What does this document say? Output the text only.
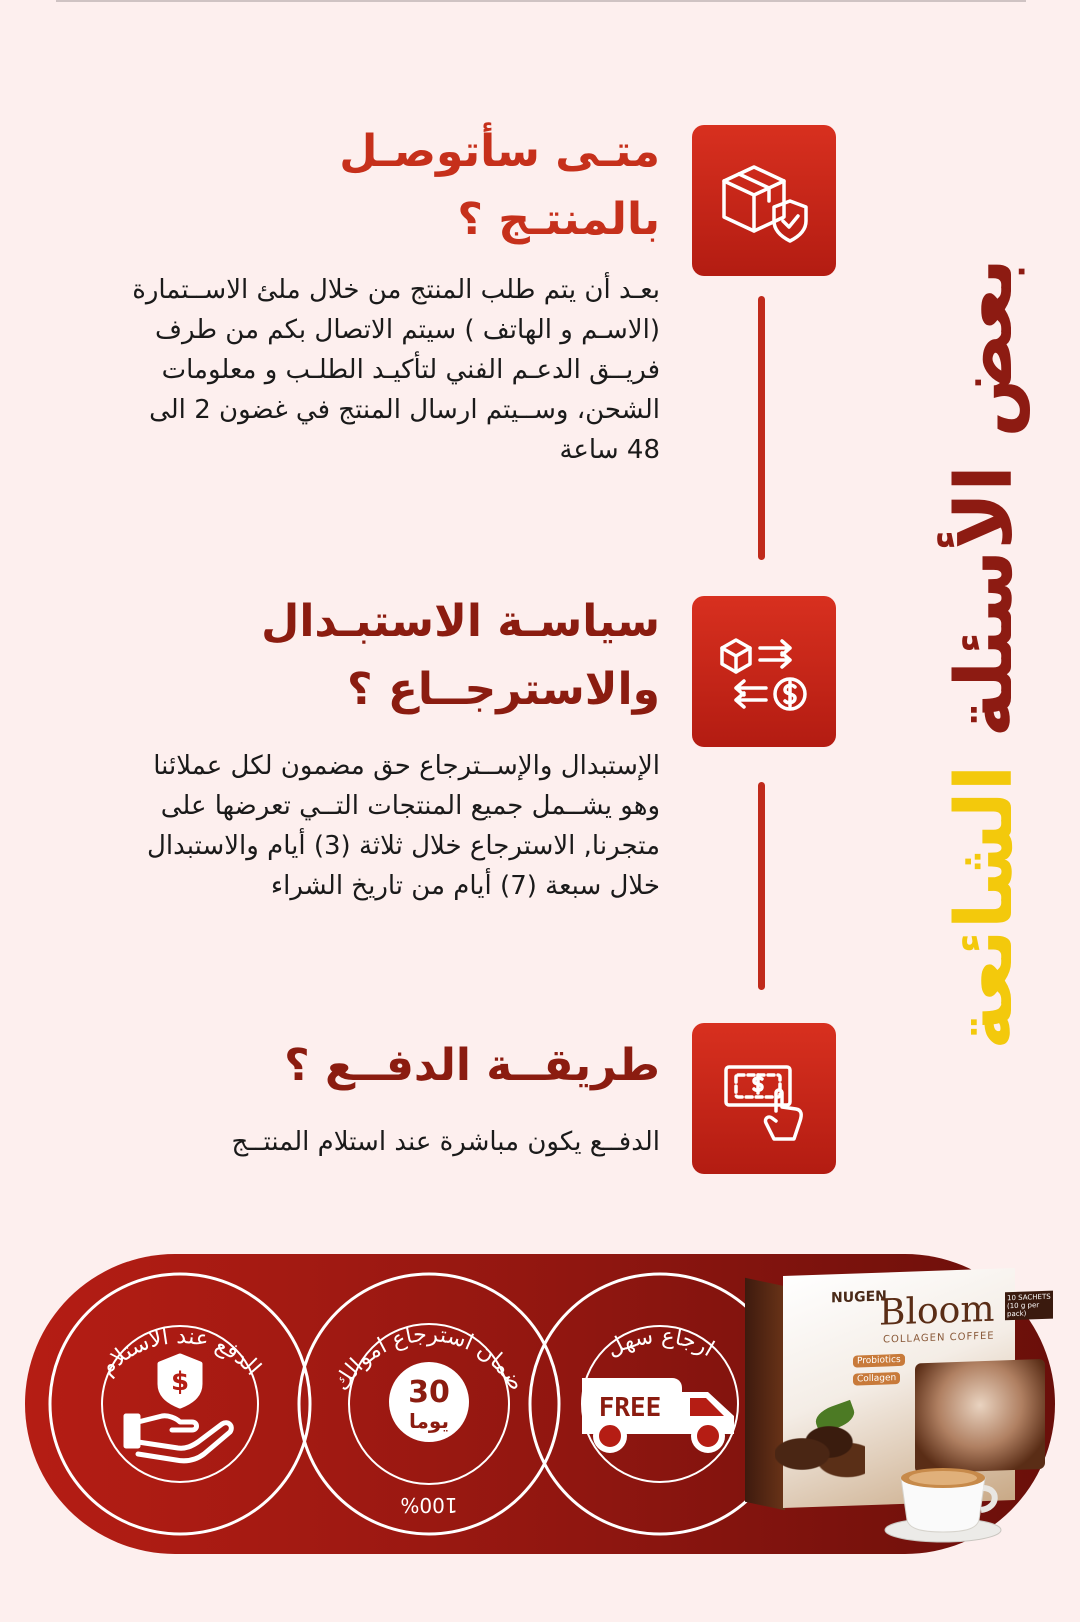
بعض الأسئلة الشائعة
متـى سأتوصـل
بالمنتـج ؟
بعـد أن يتم طلب المنتج من خلال ملئ الاســتمارة
(الاسـم و الهاتف ) سيتم الاتصال بكم من طرف
فريــق الدعـم الفني لتأكيـد الطلـب و معلومات
الشحن، وســيتم ارسال المنتج في غضون 2 الى
48 ساعة
سياسـة الاستبـدال
والاسترجــاع ؟
الإستبدال والإســترجاع حق مضمون لكل عملائنا
وهو يشــمل جميع المنتجات التــي تعرضها على
متجرنا, الاسترجاع خلال ثلاثة (3) أيام والاستبدال
خلال سبعة (7) أيام من تاريخ الشراء
طريقــة الدفــع ؟
الدفــع يكون مباشرة عند استلام المنتــج
الدفع عند الاستلام
$	ضمان استرجاع اموالك
30
يوما
100%
ارجاع سهل
FREE
NUGEN
Bloom
COLLAGEN COFFEE
10 SACHETS
(10 g per pack)
Probiotics
Collagen
